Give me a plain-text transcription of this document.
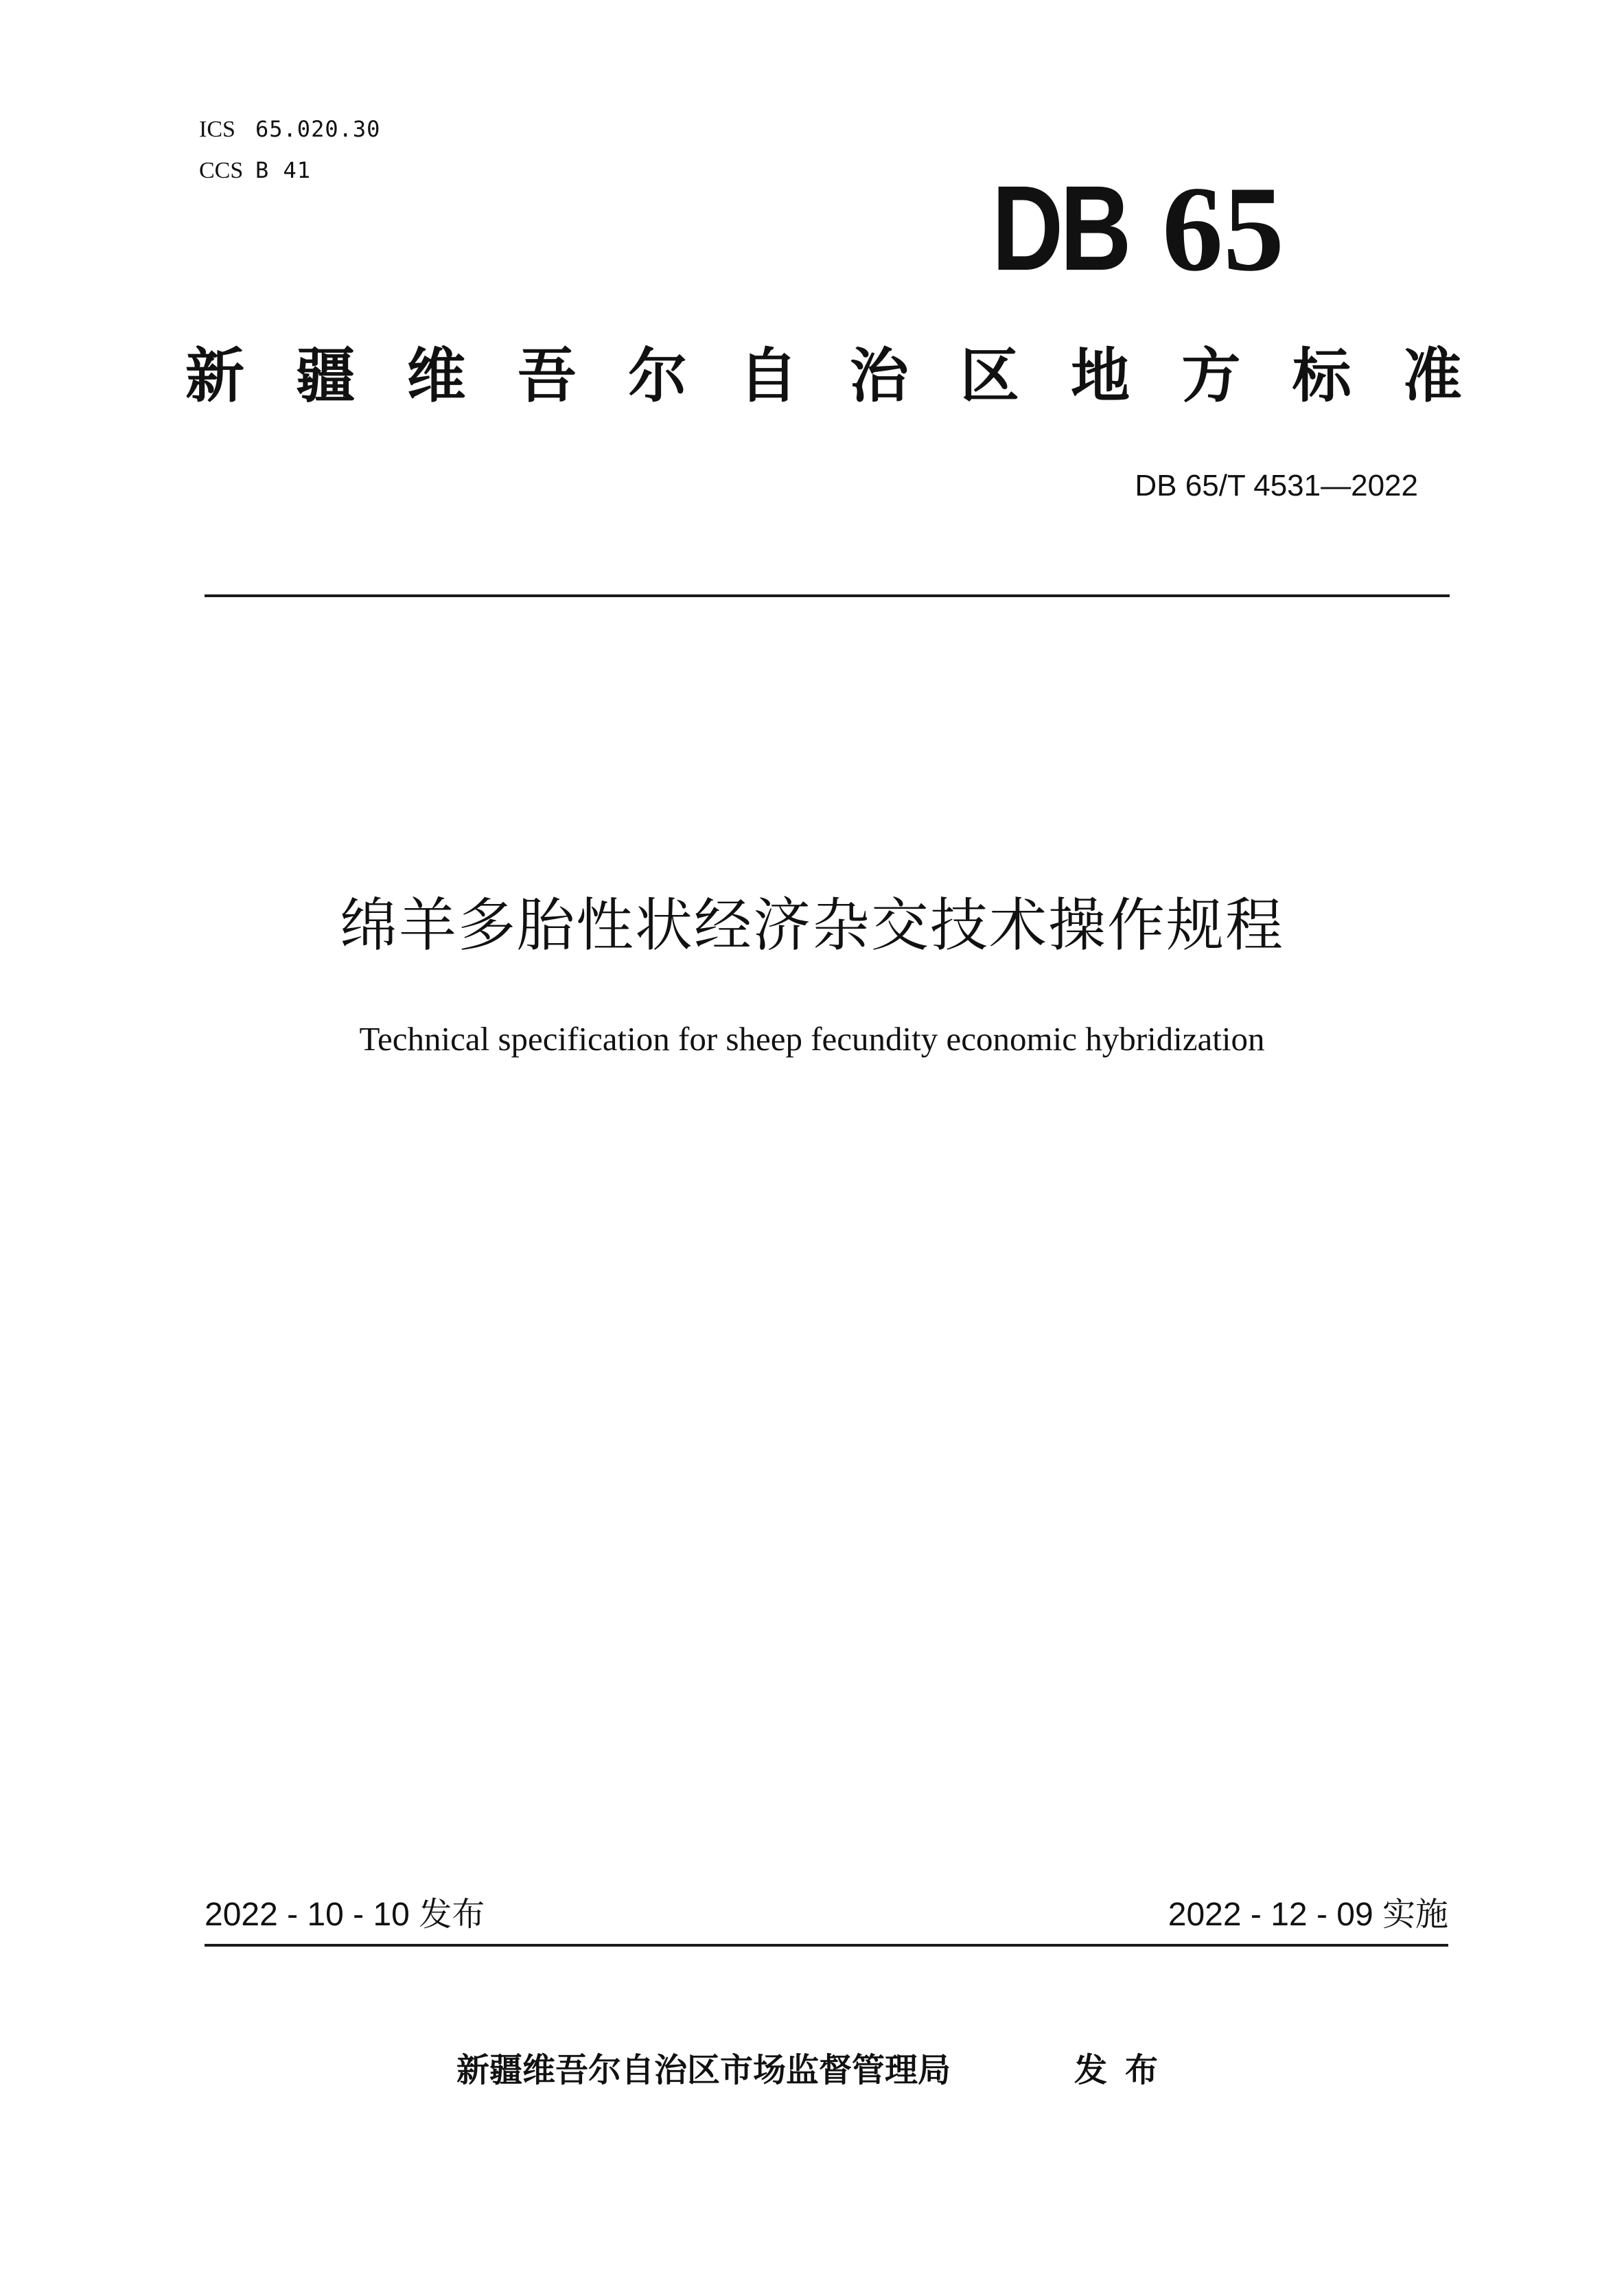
ICS 65.020.30
CCS B 41	DB 65
新 疆 维 吾 尔 自 治 区 地 方 标 准
DB 65/T 4531—2022
绵羊多胎性状经济杂交技术操作规程
Technical specification for sheep fecundity economic hybridization
2022 - 10 - 10 发布	2022 - 12 - 09 实施
新疆维吾尔自治区市场监督管理局	发布
